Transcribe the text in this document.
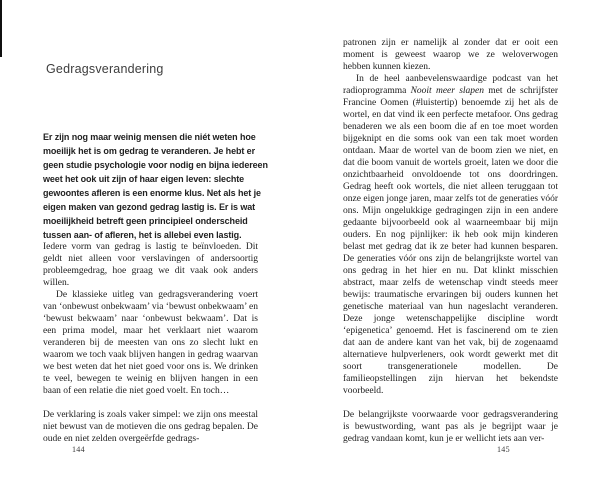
Gedragsverandering
Er zijn nog maar weinig mensen die niét weten hoe
moeilijk het is om gedrag te veranderen. Je hebt er
geen studie psychologie voor nodig en bijna iedereen
weet het ook uit zijn of haar eigen leven: slechte
gewoontes afleren is een enorme klus. Net als het je
eigen maken van gezond gedrag lastig is. Er is wat
moeilijkheid betreft geen principieel onderscheid
tussen aan- of afleren, het is allebei even lastig.
Iedere vorm van gedrag is lastig te beïnvloeden. Dit geldt niet alleen voor verslavingen of andersoortig probleemgedrag, hoe graag we dit vaak ook anders willen.
De klassieke uitleg van gedragsverandering voert van ‘onbewust onbekwaam’ via ‘bewust onbekwaam’ en ‘bewust bekwaam’ naar ‘onbewust bekwaam’. Dat is een prima model, maar het verklaart niet waarom veranderen bij de meesten van ons zo slecht lukt en waarom we toch vaak blijven hangen in gedrag waarvan we best weten dat het niet goed voor ons is. We drinken te veel, bewegen te weinig en blijven hangen in een baan of een relatie die niet goed voelt. En toch…
De verklaring is zoals vaker simpel: we zijn ons meestal niet bewust van de motieven die ons gedrag bepalen. De oude en niet zelden overgeërfde gedrags-
144
patronen zijn er namelijk al zonder dat er ooit een moment is geweest waarop we ze weloverwogen hebben kunnen kiezen.
In de heel aanbevelenswaardige podcast van het radioprogramma Nooit meer slapen met de schrijfster Francine Oomen (#luistertip) benoemde zij het als de wortel, en dat vind ik een perfecte metafoor. Ons gedrag benaderen we als een boom die af en toe moet worden bijgeknipt en die soms ook van een tak moet worden ontdaan. Maar de wortel van de boom zien we niet, en dat die boom vanuit de wortels groeit, laten we door die onzichtbaarheid onvoldoende tot ons doordringen. Gedrag heeft ook wortels, die niet alleen teruggaan tot onze eigen jonge jaren, maar zelfs tot de generaties vóór ons. Mijn ongelukkige gedragingen zijn in een andere gedaante bijvoorbeeld ook al waarneembaar bij mijn ouders. En nog pijnlijker: ik heb ook mijn kinderen belast met gedrag dat ik ze beter had kunnen besparen. De generaties vóór ons zijn de belangrijkste wortel van ons gedrag in het hier en nu. Dat klinkt misschien abstract, maar zelfs de wetenschap vindt steeds meer bewijs: traumatische ervaringen bij ouders kunnen het genetische materiaal van hun nageslacht veranderen. Deze jonge wetenschappelijke discipline wordt ‘epigenetica’ genoemd. Het is fascinerend om te zien dat aan de andere kant van het vak, bij de zogenaamd alternatieve hulpverleners, ook wordt gewerkt met dit soort transgenerationele modellen. De familieopstellingen zijn hiervan het bekendste voorbeeld.
De belangrijkste voorwaarde voor gedragsverandering is bewustwording, want pas als je begrijpt waar je gedrag vandaan komt, kun je er wellicht iets aan ver-
145
